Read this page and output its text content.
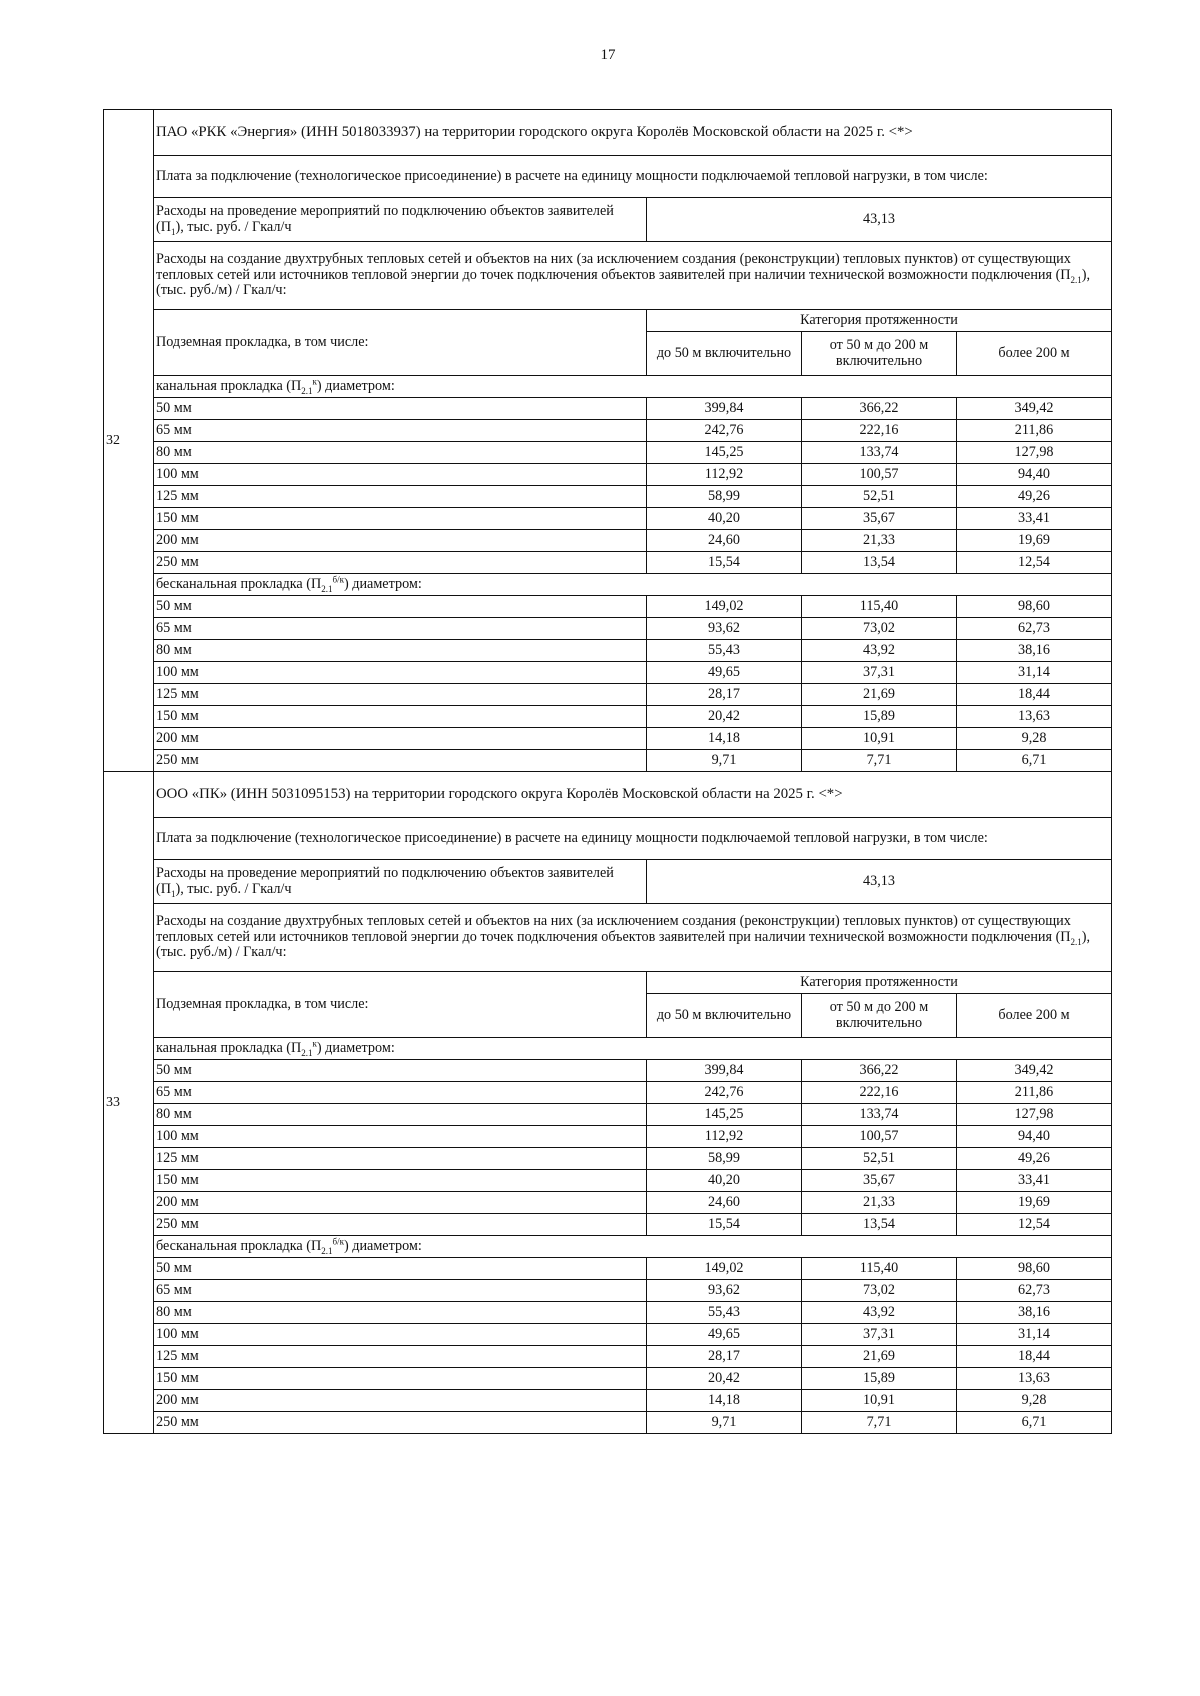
17
32	ПАО «РКК «Энергия» (ИНН 5018033937) на территории городского округа Королёв Московской области на 2025 г. <*>			
	Плата за подключение (технологическое присоединение) в расчете на единицу мощности подключаемой тепловой нагрузки, в том числе:			
	Расходы на проведение мероприятий по подключению объектов заявителей $(П_1)$, тыс. руб. / Гкал/ч	43,13		
	Расходы на создание двухтрубных тепловых сетей и объектов на них (за исключением создания (реконструкции) тепловых пунктов) от существующих тепловых сетей или источников тепловой энергии до точек подключения объектов заявителей при наличии технической возможности подключения $(П_{2.1})$, (тыс. руб./м) / Гкал/ч:			
	Подземная прокладка, в том числе:	Категория протяженности		
		до 50 м включительно	от 50 м до 200 м включительно	более 200 м
	канальная прокладка $(П_{2.1}^к)$ диаметром:			
	50 мм	399,84	366,22	349,42
	65 мм	242,76	222,16	211,86
	80 мм	145,25	133,74	127,98
	100 мм	112,92	100,57	94,40
	125 мм	58,99	52,51	49,26
	150 мм	40,20	35,67	33,41
	200 мм	24,60	21,33	19,69
	250 мм	15,54	13,54	12,54
	бесканальная прокладка $(П_{2.1}^{б/к})$ диаметром:			
	50 мм	149,02	115,40	98,60
	65 мм	93,62	73,02	62,73
	80 мм	55,43	43,92	38,16
	100 мм	49,65	37,31	31,14
	125 мм	28,17	21,69	18,44
	150 мм	20,42	15,89	13,63
	200 мм	14,18	10,91	9,28
	250 мм	9,71	7,71	6,71
33	ООО «ПК» (ИНН 5031095153) на территории городского округа Королёв Московской области на 2025 г. <*>			
	Плата за подключение (технологическое присоединение) в расчете на единицу мощности подключаемой тепловой нагрузки, в том числе:			
	Расходы на проведение мероприятий по подключению объектов заявителей $(П_1)$, тыс. руб. / Гкал/ч	43,13		
	Расходы на создание двухтрубных тепловых сетей и объектов на них (за исключением создания (реконструкции) тепловых пунктов) от существующих тепловых сетей или источников тепловой энергии до точек подключения объектов заявителей при наличии технической возможности подключения $(П_{2.1})$, (тыс. руб./м) / Гкал/ч:			
	Подземная прокладка, в том числе:	Категория протяженности		
		до 50 м включительно	от 50 м до 200 м включительно	более 200 м
	канальная прокладка $(П_{2.1}^к)$ диаметром:			
	50 мм	399,84	366,22	349,42
	65 мм	242,76	222,16	211,86
	80 мм	145,25	133,74	127,98
	100 мм	112,92	100,57	94,40
	125 мм	58,99	52,51	49,26
	150 мм	40,20	35,67	33,41
	200 мм	24,60	21,33	19,69
	250 мм	15,54	13,54	12,54
	бесканальная прокладка $(П_{2.1}^{б/к})$ диаметром:			
	50 мм	149,02	115,40	98,60
	65 мм	93,62	73,02	62,73
	80 мм	55,43	43,92	38,16
	100 мм	49,65	37,31	31,14
	125 мм	28,17	21,69	18,44
	150 мм	20,42	15,89	13,63
	200 мм	14,18	10,91	9,28
	250 мм	9,71	7,71	6,71
